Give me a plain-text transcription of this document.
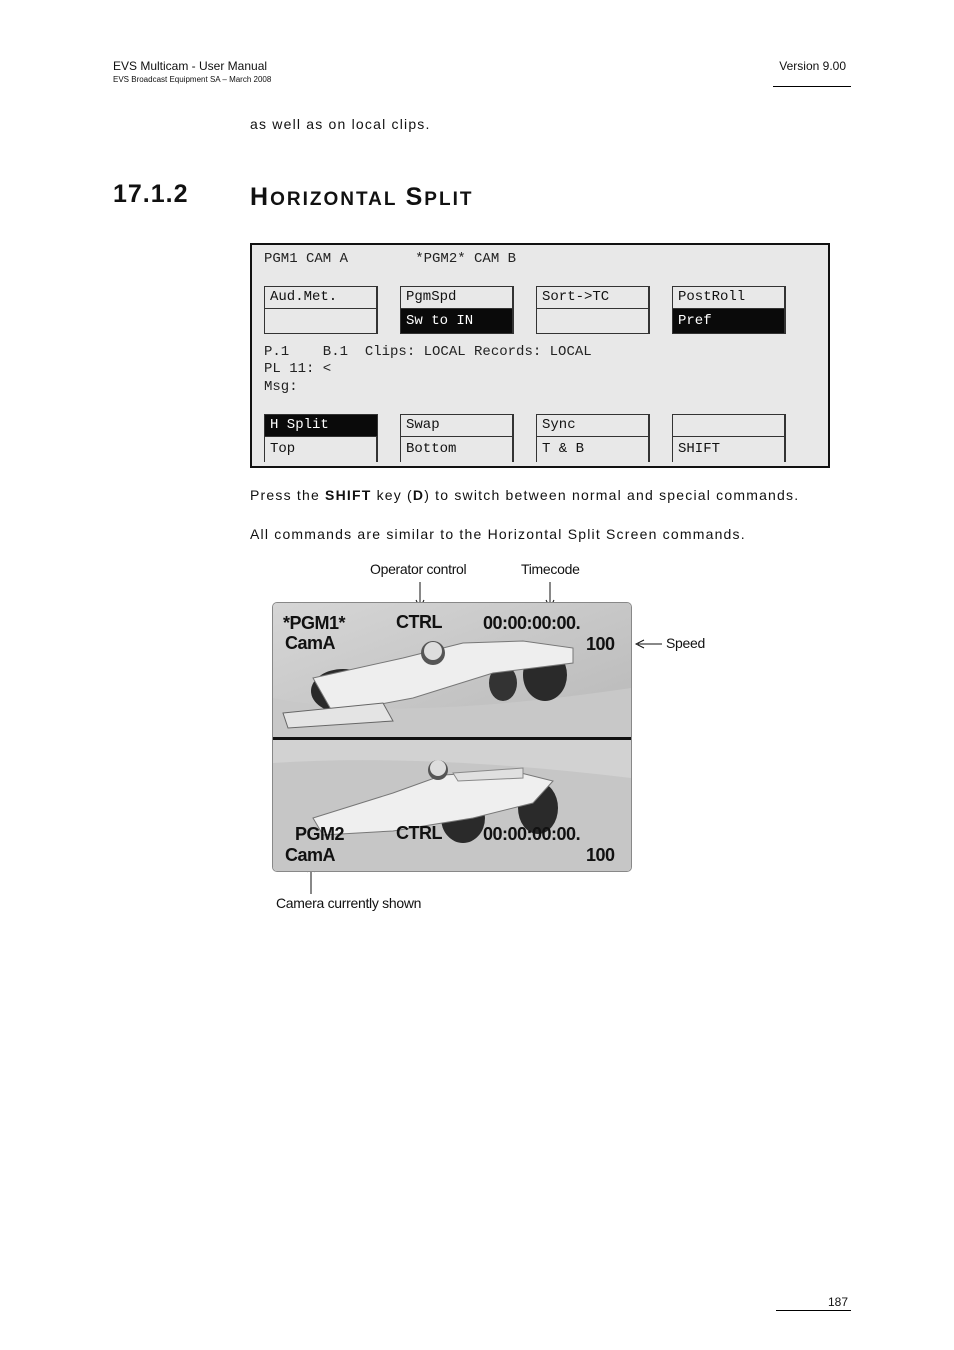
EVS Multicam - User Manual
EVS Broadcast Equipment SA – March 2008
Version 9.00
as well as on local clips.
17.1.2 HORIZONTAL SPLIT
PGM1 CAM A        *PGM2* CAM B
Aud.Met.	PgmSpd
Sw to IN
Sort->TC	PostRoll
Pref
P.1    B.1  Clips: LOCAL Records: LOCAL
PL 11: <
Msg:
H Split
Top
Swap
Bottom
Sync
T & B	SHIFT
Press the SHIFT key (D) to switch between normal and special commands.
All commands are similar to the Horizontal Split Screen commands.
Operator control	Timecode
Speed
Camera currently shown
*PGM1*
CamA
CTRL 00:00:00:00.
100
PGM2
CamA
CTRL 00:00:00:00.
100
187
